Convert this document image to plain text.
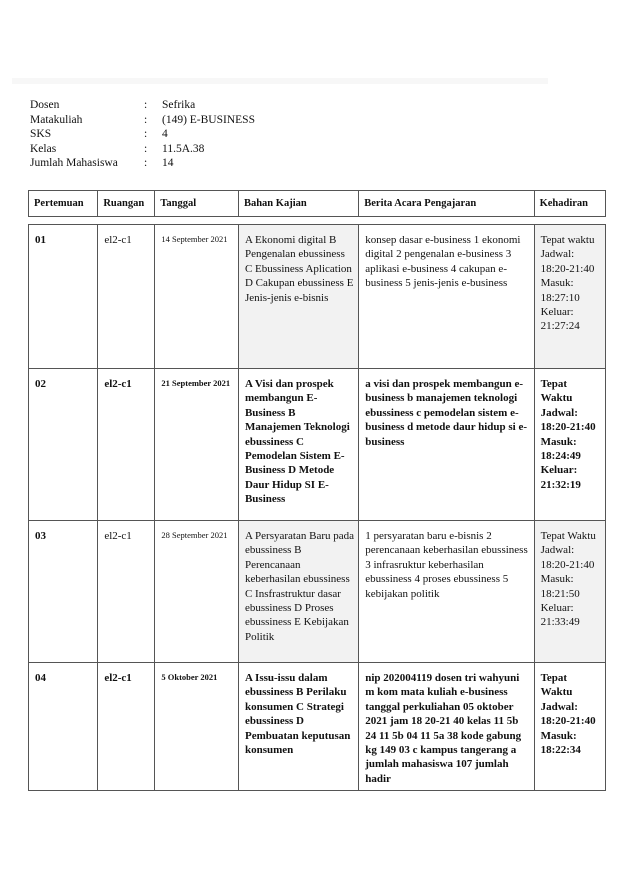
Dosen	:	Sefrika
Matakuliah	:	(149) E-BUSINESS
SKS	:	4
Kelas	:	11.5A.38
Jumlah Mahasiswa	:	14
Pertemuan	Ruangan	Tanggal	Bahan Kajian	Berita Acara Pengajaran	Kehadiran

01	el2-c1	14 September 2021	A Ekonomi digital B Pengenalan ebussiness C Ebussiness Aplication D Cakupan ebussiness E Jenis-jenis e-bisnis	konsep dasar e-business 1 ekonomi digital 2 pengenalan e-business 3 aplikasi e-business 4 cakupan e-business 5 jenis-jenis e-business	Tepat waktu Jadwal: 18:20-21:40 Masuk: 18:27:10 Keluar: 21:27:24
02	el2-c1	21 September 2021	A Visi dan prospek membangun E-Business B Manajemen Teknologi ebussiness C Pemodelan Sistem E- Business D Metode Daur Hidup SI E- Business	a visi dan prospek membangun e- business b manajemen teknologi ebussiness c pemodelan sistem e-business d metode daur hidup si e-business	Tepat Waktu Jadwal: 18:20-21:40 Masuk: 18:24:49 Keluar: 21:32:19
03	el2-c1	28 September 2021	A Persyaratan Baru pada ebussiness B Perencanaan keberhasilan ebussiness C Insfrastruktur dasar ebussiness D Proses ebussiness E Kebijakan Politik	1 persyaratan baru e-bisnis 2 perencanaan keberhasilan ebussiness 3 infrasruktur keberhasilan ebussiness 4 proses ebussiness 5 kebijakan politik	Tepat Waktu Jadwal: 18:20-21:40 Masuk: 18:21:50 Keluar: 21:33:49
04	el2-c1	5 Oktober 2021	A Issu-issu dalam ebussiness B Perilaku konsumen C Strategi ebussiness D Pembuatan keputusan konsumen	nip 202004119 dosen tri wahyuni m kom mata kuliah e-business tanggal perkuliahan 05 oktober 2021 jam 18 20-21 40 kelas 11 5b 24 11 5b 04 11 5a 38 kode gabung kg 149 03 c kampus tangerang a jumlah mahasiswa 107 jumlah hadir	Tepat Waktu Jadwal: 18:20-21:40 Masuk: 18:22:34
